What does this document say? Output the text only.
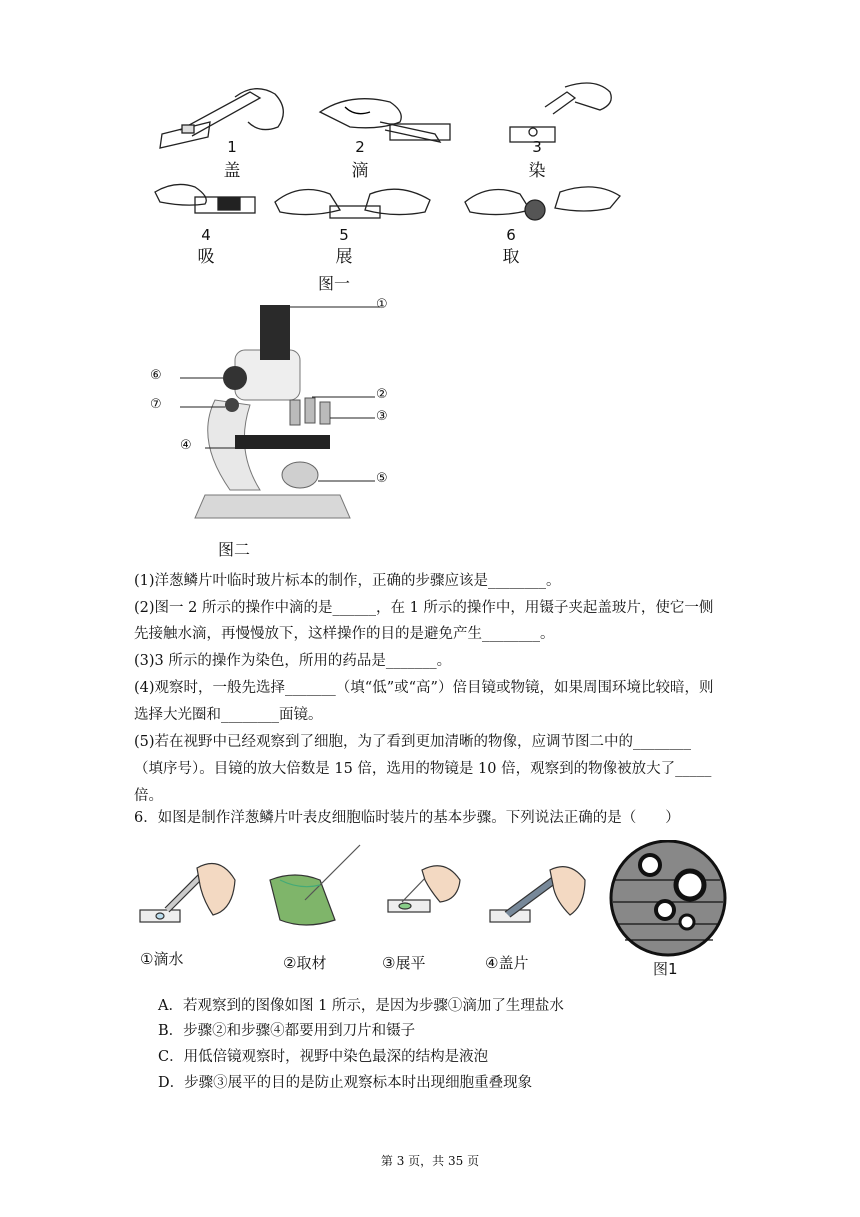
1
盖
2
滴
3
染
4
吸
5
展
6
取
图一
①
②
③
④
⑤
⑥
⑦
图二
(1)洋葱鳞片叶临时玻片标本的制作，正确的步骤应该是________。
(2)图一 2 所示的操作中滴的是______，在 1 所示的操作中，用镊子夹起盖玻片，使它一侧
先接触水滴，再慢慢放下，这样操作的目的是避免产生________。
(3)3 所示的操作为染色，所用的药品是_______。
(4)观察时，一般先选择_______（填“低”或“高”）倍目镜或物镜，如果周围环境比较暗，则
选择大光圈和________面镜。
(5)若在视野中已经观察到了细胞，为了看到更加清晰的物像，应调节图二中的________
（填序号）。目镜的放大倍数是 15 倍，选用的物镜是 10 倍，观察到的物像被放大了_____
倍。
6．如图是制作洋葱鳞片叶表皮细胞临时装片的基本步骤。下列说法正确的是（　　）
①滴水	②取材	③展平	④盖片	图1
A．若观察到的图像如图 1 所示，是因为步骤①滴加了生理盐水
B．步骤②和步骤④都要用到刀片和镊子
C．用低倍镜观察时，视野中染色最深的结构是液泡
D．步骤③展平的目的是防止观察标本时出现细胞重叠现象
第 3 页，共 35 页
